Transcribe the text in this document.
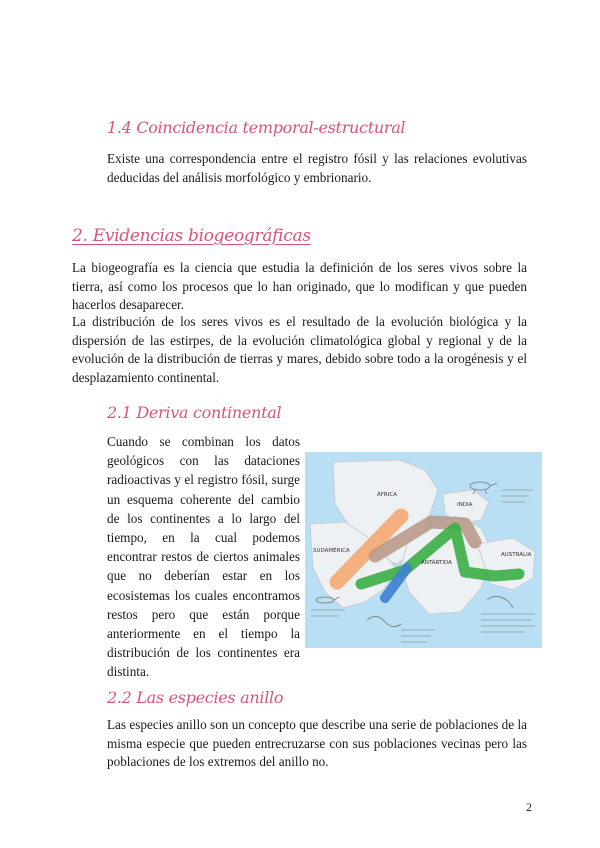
1.4 Coincidencia temporal-estructural

Existe una correspondencia entre el registro fósil y las relaciones evolutivas deducidas del análisis morfológico y embrionario.

2. Evidencias biogeográficas

La biogeografía es la ciencia que estudia la definición de los seres vivos sobre la tierra, así como los procesos que lo han originado, que lo modifican y que pueden hacerlos desaparecer.

La distribución de los seres vivos es el resultado de la evolución biológica y la dispersión de las estirpes, de la evolución climatológica global y regional y de la evolución de la distribución de tierras y mares, debido sobre todo a la orogénesis y el desplazamiento continental.

2.1 Deriva continental

Cuando se combinan los datos geológicos con las dataciones radioactivas y el registro fósil, surge un esquema coherente del cambio de los continentes a lo largo del tiempo, en la cual podemos encontrar restos de ciertos animales que no deberían estar en los ecosistemas los cuales encontramos restos pero que están porque anteriormente en el tiempo la distribución de los continentes era distinta.

ÁFRICA
INDIA
SUDAMÉRICA
ANTÁRTIDA
AUSTRALIA
2.2 Las especies anillo

Las especies anillo son un concepto que describe una serie de poblaciones de la misma especie que pueden entrecruzarse con sus poblaciones vecinas pero las poblaciones de los extremos del anillo no.

2
